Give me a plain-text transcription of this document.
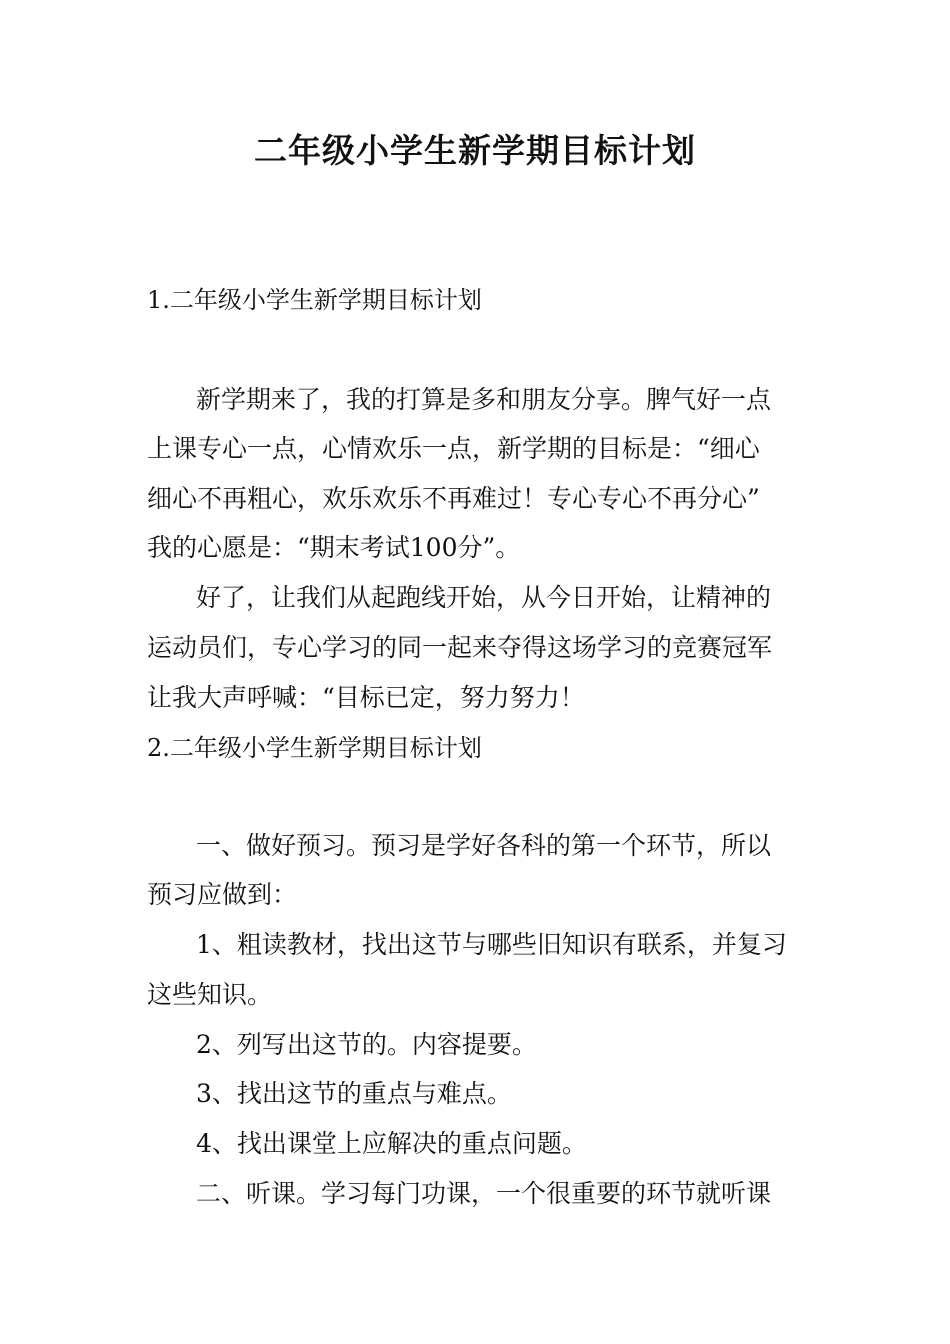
二年级小学生新学期目标计划
1.二年级小学生新学期目标计划
新学期来了，我的打算是多和朋友分享。脾气好一点
上课专心一点，心情欢乐一点，新学期的目标是：“细心
细心不再粗心，欢乐欢乐不再难过！专心专心不再分心”
我的心愿是：“期末考试100分”。
好了，让我们从起跑线开始，从今日开始，让精神的
运动员们，专心学习的同一起来夺得这场学习的竞赛冠军
让我大声呼喊：“目标已定，努力努力！
2.二年级小学生新学期目标计划
一、做好预习。预习是学好各科的第一个环节，所以
预习应做到：
1、粗读教材，找出这节与哪些旧知识有联系，并复习
这些知识。
2、列写出这节的。内容提要。
3、找出这节的重点与难点。
4、找出课堂上应解决的重点问题。
二、听课。学习每门功课，一个很重要的环节就听课
